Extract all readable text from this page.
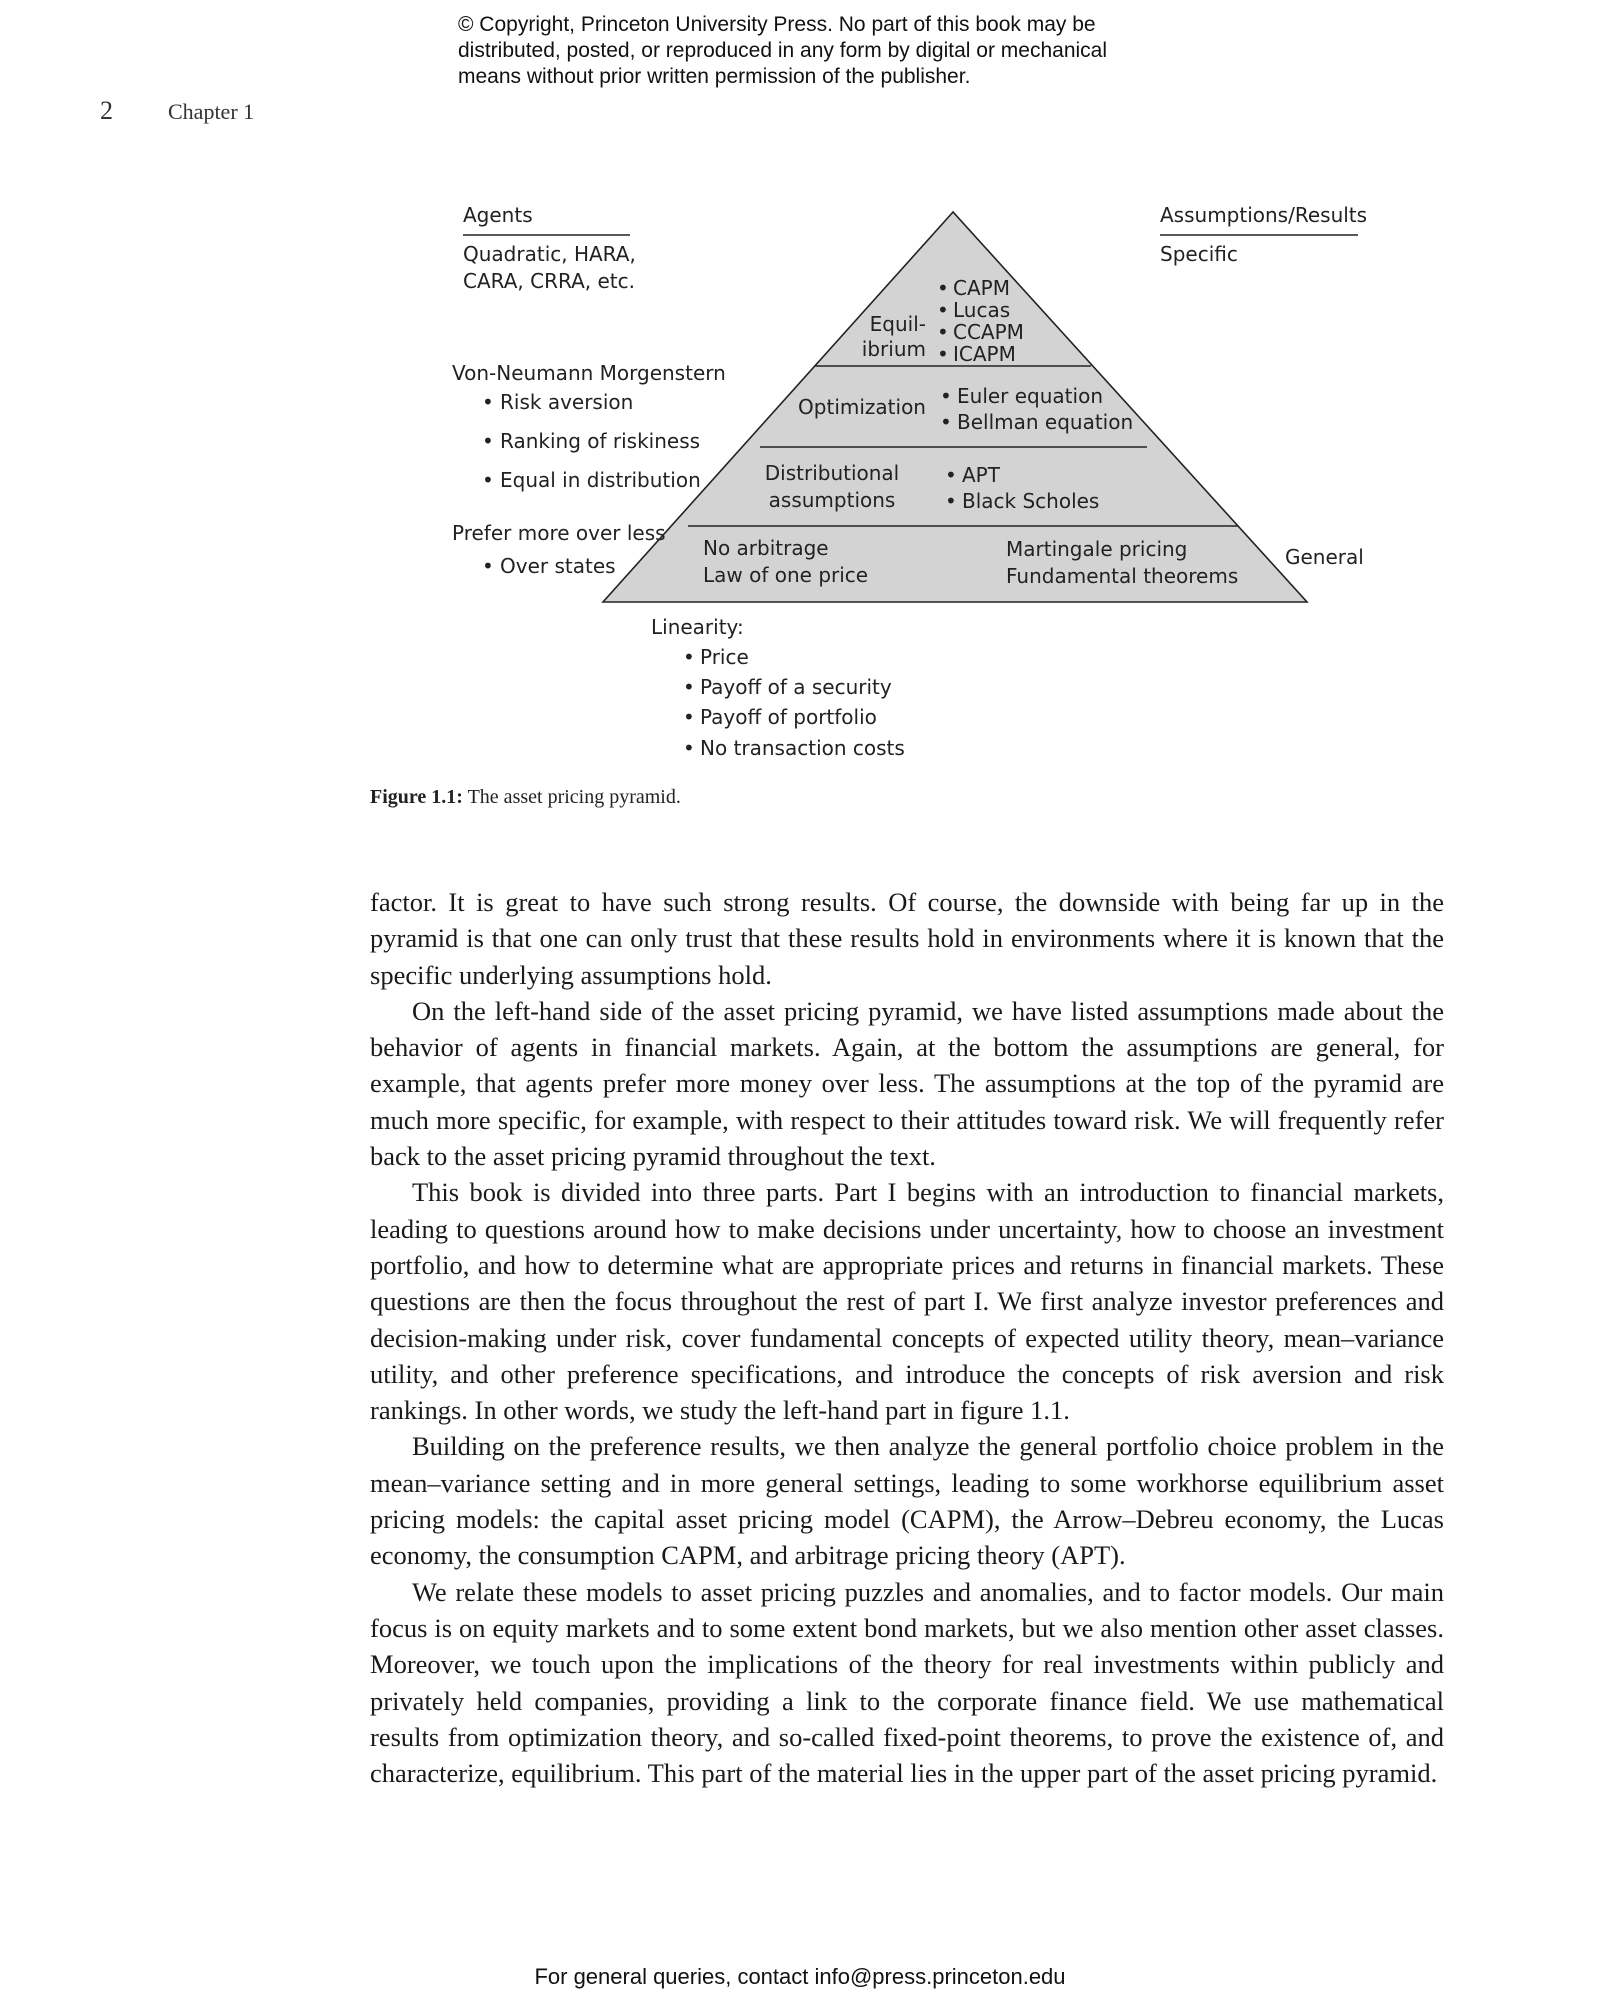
© Copyright, Princeton University Press. No part of this book may be
distributed, posted, or reproduced in any form by digital or mechanical
means without prior written permission of the publisher.
2	Chapter 1
Agents
Quadratic, HARA,
CARA, CRRA, etc.
Von-Neumann Morgenstern
• Risk aversion
• Ranking of riskiness
• Equal in distribution
Prefer more over less
• Over states
Assumptions/Results
Specific
General
Equil-
ibrium
• CAPM
• Lucas
• CCAPM
• ICAPM
Optimization • Euler equation
• Bellman equation
Distributional
assumptions
• APT
• Black Scholes
No arbitrage
Law of one price
Martingale pricing
Fundamental theorems
Linearity:
• Price
• Payoff of a security
• Payoff of portfolio
• No transaction costs
Figure 1.1: The asset pricing pyramid.

factor. It is great to have such strong results. Of course, the downside with being far up in the pyramid is that one can only trust that these results hold in environments where it is known that the specific underlying assumptions hold.

On the left-hand side of the asset pricing pyramid, we have listed assumptions made about the behavior of agents in financial markets. Again, at the bottom the assumptions are general, for example, that agents prefer more money over less. The assumptions at the top of the pyramid are much more specific, for example, with respect to their attitudes toward risk. We will frequently refer back to the asset pricing pyramid throughout the text.

This book is divided into three parts. Part I begins with an introduction to financial markets, leading to questions around how to make decisions under uncertainty, how to choose an investment portfolio, and how to determine what are appropriate prices and returns in financial markets. These questions are then the focus throughout the rest of part I. We first analyze investor preferences and decision-making under risk, cover fundamental concepts of expected utility theory, mean–variance utility, and other preference specifications, and introduce the concepts of risk aversion and risk rankings. In other words, we study the left-hand part in figure 1.1.

Building on the preference results, we then analyze the general portfolio choice problem in the mean–variance setting and in more general settings, leading to some workhorse equilibrium asset pricing models: the capital asset pricing model (CAPM), the Arrow–Debreu economy, the Lucas economy, the consumption CAPM, and arbitrage pricing theory (APT).

We relate these models to asset pricing puzzles and anomalies, and to factor models. Our main focus is on equity markets and to some extent bond markets, but we also mention other asset classes. Moreover, we touch upon the implications of the theory for real investments within publicly and privately held companies, providing a link to the corporate finance field. We use mathematical results from optimization theory, and so-called fixed-point theorems, to prove the existence of, and characterize, equilibrium. This part of the material lies in the upper part of the asset pricing pyramid.

For general queries, contact info@press.princeton.edu
